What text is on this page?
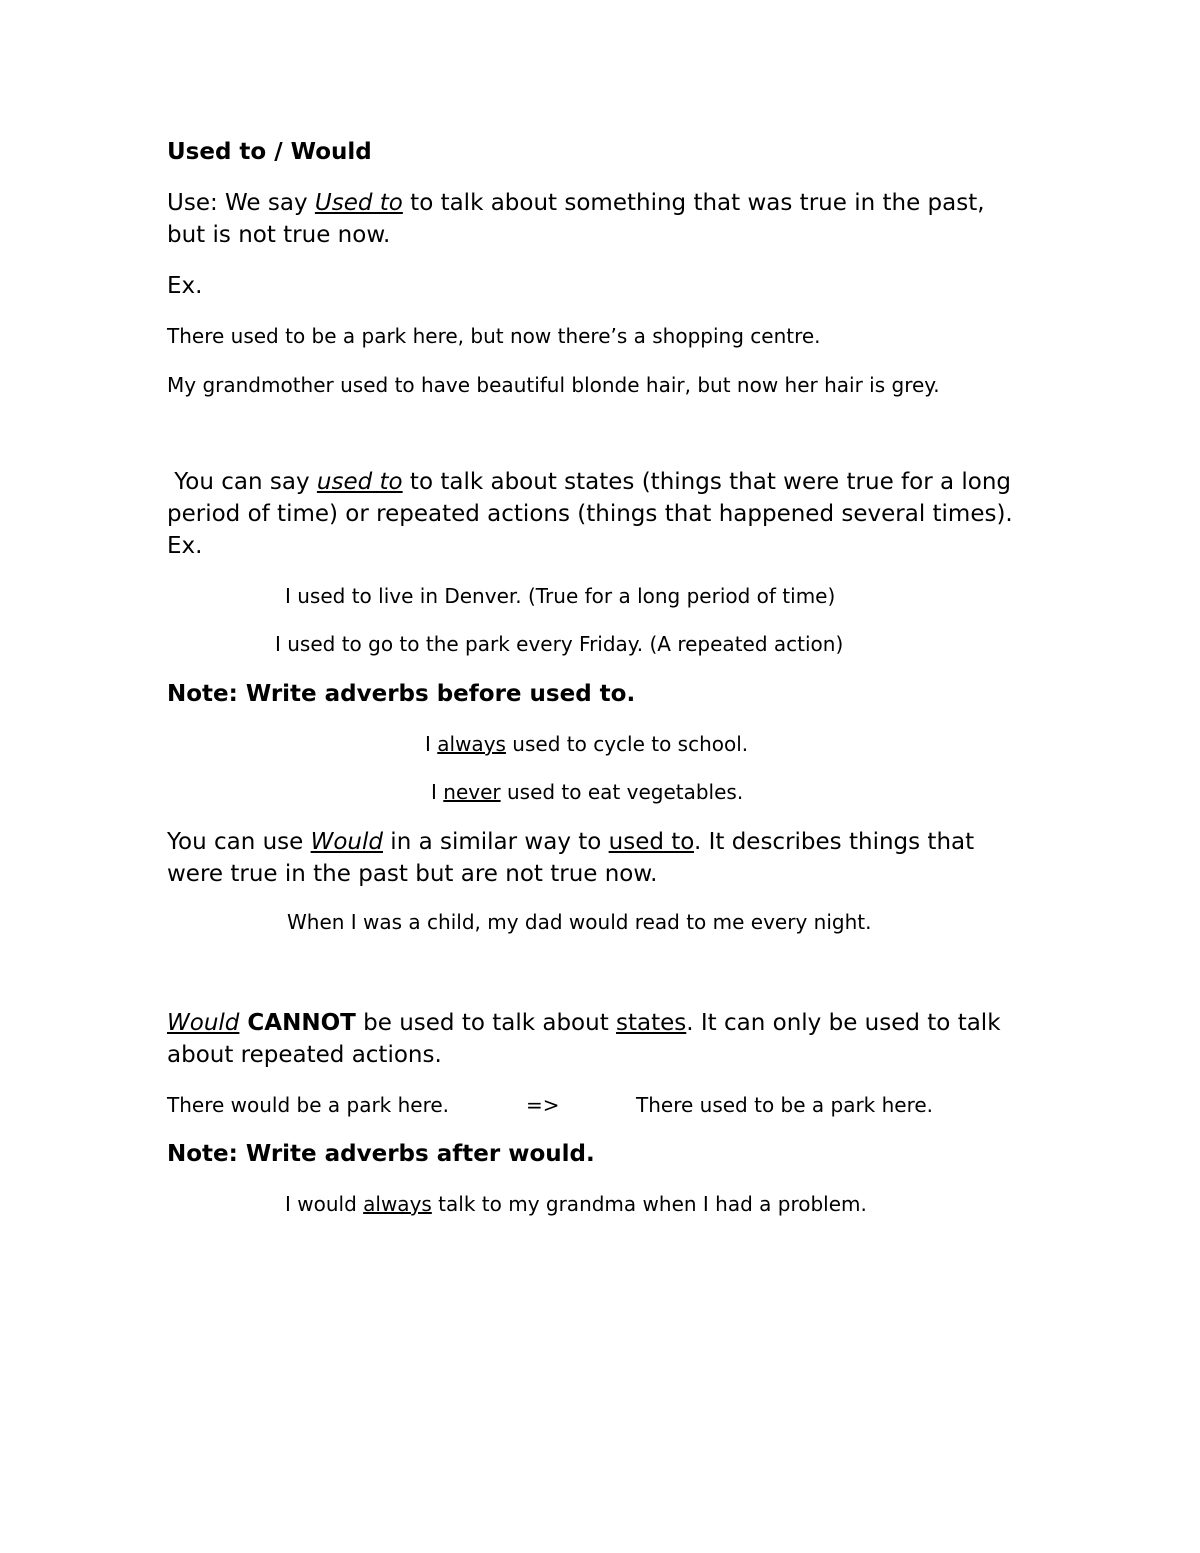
Used to / Would

Use: We say Used to to talk about something that was true in the past,

but is not true now.

Ex.

There used to be a park here, but now there’s a shopping centre.

My grandmother used to have beautiful blonde hair, but now her hair is grey.

You can say used to to talk about states (things that were true for a long

period of time) or repeated actions (things that happened several times).

Ex.

I used to live in Denver. (True for a long period of time)

I used to go to the park every Friday. (A repeated action)

Note: Write adverbs before used to.

I always used to cycle to school.

I never used to eat vegetables.

You can use Would in a similar way to used to. It describes things that

were true in the past but are not true now.

When I was a child, my dad would read to me every night.

Would CANNOT be used to talk about states. It can only be used to talk

about repeated actions.

There would be a park here.	=>	There used to be a park here.

Note: Write adverbs after would.

I would always talk to my grandma when I had a problem.
